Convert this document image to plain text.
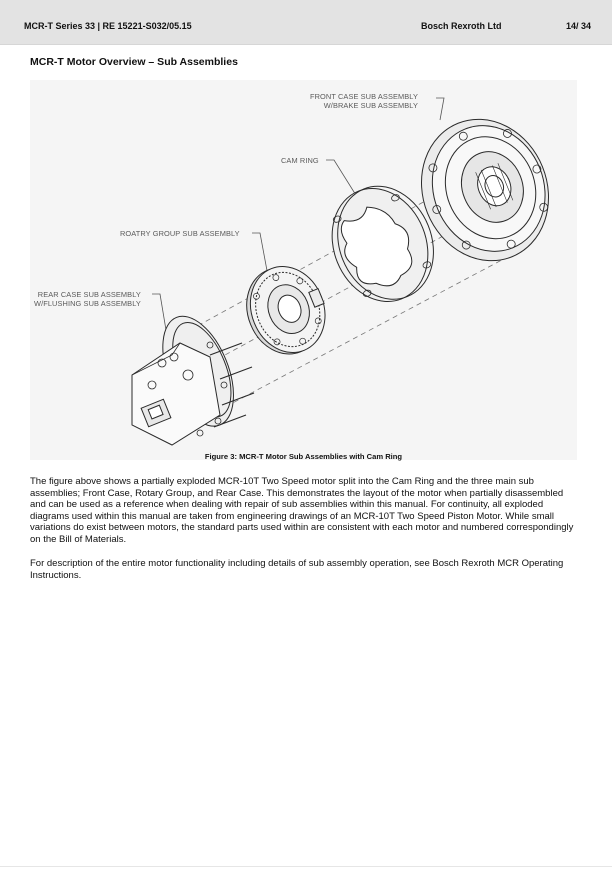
MCR-T Series 33 | RE 15221-S032/05.15	Bosch Rexroth Ltd	14/ 34
MCR-T Motor Overview – Sub Assemblies
FRONT CASE SUB ASSEMBLY
W/BRAKE SUB ASSEMBLY
CAM RING
ROATRY GROUP SUB ASSEMBLY
REAR CASE SUB ASSEMBLY
W/FLUSHING SUB ASSEMBLY
Figure 3: MCR-T Motor Sub Assemblies with Cam Ring

The figure above shows a partially exploded MCR-10T Two Speed motor split into the Cam Ring and the three main sub assemblies; Front Case, Rotary Group, and Rear Case. This demonstrates the layout of the motor when partially disassembled and can be used as a reference when dealing with repair of sub assemblies within this manual. For continuity, all exploded diagrams used within this manual are taken from engineering drawings of an MCR-10T Two Speed Piston Motor. While small variations do exist between motors, the standard parts used within are consistent with each motor and numbered correspondingly on the Bill of Materials.

For description of the entire motor functionality including details of sub assembly operation, see Bosch Rexroth MCR Operating Instructions.
